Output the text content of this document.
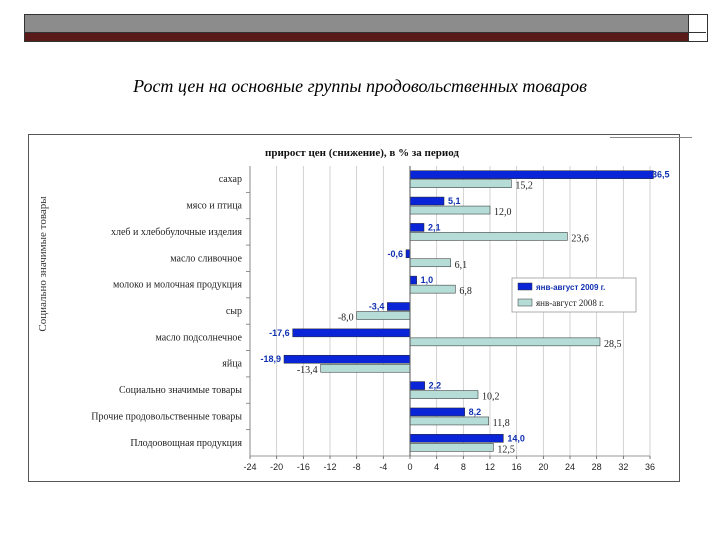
Рост цен на основные группы продовольственных товаров
прирост цен (снижение), в % за период
Социально значимые товары
36,5
15,2
5,1
12,0
2,1
23,6
-0,6
6,1
1,0
6,8
-3,4
-8,0
-17,6
28,5
-18,9
-13,4
2,2
10,2
8,2
11,8
14,0
12,5
-24 -20 -16 -12 -8 -4 0 4 8 12 16 20 24 28 32 36
сахар
мясо и птица
хлеб и хлебобулочные изделия
масло сливочное
молоко и молочная продукция
сыр
масло подсолнечное
яйца
Социально значимые товары
Прочие продовольственные товары
Плодоовощная продукция
янв-август 2009 г.
янв-август 2008 г.
